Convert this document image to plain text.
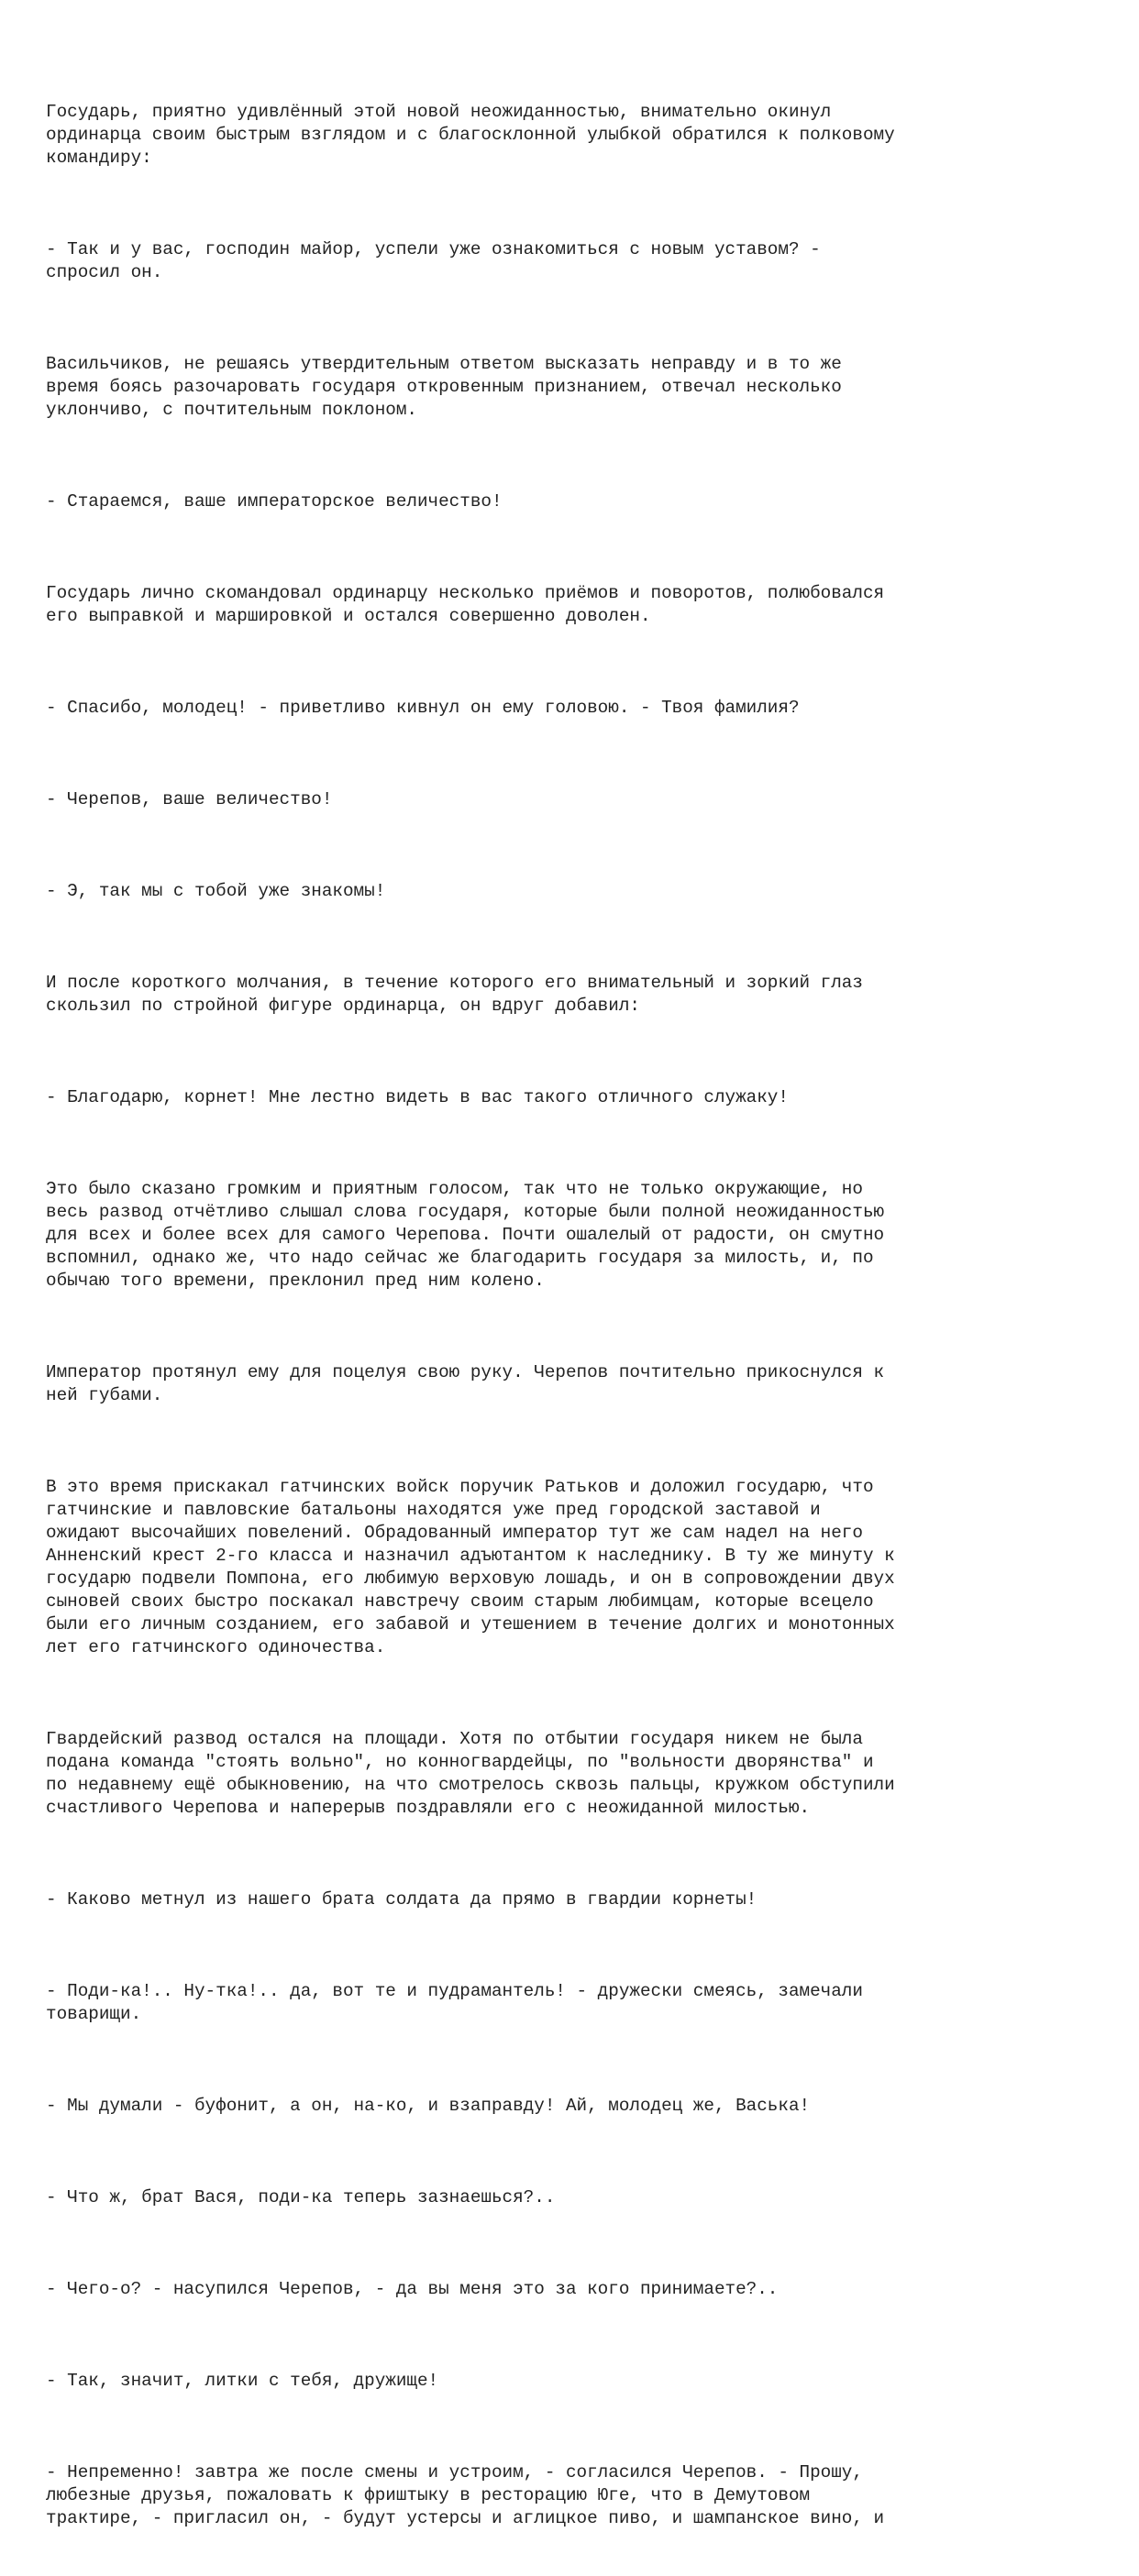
Государь, приятно удивлённый этой новой неожиданностью, внимательно окинул
ординарца своим быстрым взглядом и с благосклонной улыбкой обратился к полковому
командиру:

- Так и у вас, господин майор, успели уже ознакомиться с новым уставом? -
спросил он.

Васильчиков, не решаясь утвердительным ответом высказать неправду и в то же
время боясь разочаровать государя откровенным признанием, отвечал несколько
уклончиво, с почтительным поклоном.

- Стараемся, ваше императорское величество!

Государь лично скомандовал ординарцу несколько приёмов и поворотов, полюбовался
его выправкой и маршировкой и остался совершенно доволен.

- Спасибо, молодец! - приветливо кивнул он ему головою. - Твоя фамилия?

- Черепов, ваше величество!

- Э, так мы с тобой уже знакомы!

И после короткого молчания, в течение которого его внимательный и зоркий глаз
скользил по стройной фигуре ординарца, он вдруг добавил:

- Благодарю, корнет! Мне лестно видеть в вас такого отличного служаку!

Это было сказано громким и приятным голосом, так что не только окружающие, но
весь развод отчётливо слышал слова государя, которые были полной неожиданностью
для всех и более всех для самого Черепова. Почти ошалелый от радости, он смутно
вспомнил, однако же, что надо сейчас же благодарить государя за милость, и, по
обычаю того времени, преклонил пред ним колено.

Император протянул ему для поцелуя свою руку. Черепов почтительно прикоснулся к
ней губами.

В это время прискакал гатчинских войск поручик Ратьков и доложил государю, что
гатчинские и павловские батальоны находятся уже пред городской заставой и
ожидают высочайших повелений. Обрадованный император тут же сам надел на него
Анненский крест 2-го класса и назначил адъютантом к наследнику. В ту же минуту к
государю подвели Помпона, его любимую верховую лошадь, и он в сопровождении двух
сыновей своих быстро поскакал навстречу своим старым любимцам, которые всецело
были его личным созданием, его забавой и утешением в течение долгих и монотонных
лет его гатчинского одиночества.

Гвардейский развод остался на площади. Хотя по отбытии государя никем не была
подана команда "стоять вольно", но конногвардейцы, по "вольности дворянства" и
по недавнему ещё обыкновению, на что смотрелось сквозь пальцы, кружком обступили
счастливого Черепова и наперерыв поздравляли его с неожиданной милостью.

- Каково метнул из нашего брата солдата да прямо в гвардии корнеты!

- Поди-ка!.. Ну-тка!.. да, вот те и пудрамантель! - дружески смеясь, замечали
товарищи.

- Мы думали - буфонит, а он, на-ко, и взаправду! Ай, молодец же, Васька!

- Что ж, брат Вася, поди-ка теперь зазнаешься?..

- Чего-о? - насупился Черепов, - да вы меня это за кого принимаете?..

- Так, значит, литки с тебя, дружище!

- Непременно! завтра же после смены и устроим, - согласился Черепов. - Прошу,
любезные друзья, пожаловать к фриштыку в ресторацию Юге, что в Демутовом
трактире, - пригласил он, - будут устерсы и аглицкое пиво, и шампанское вино, и
